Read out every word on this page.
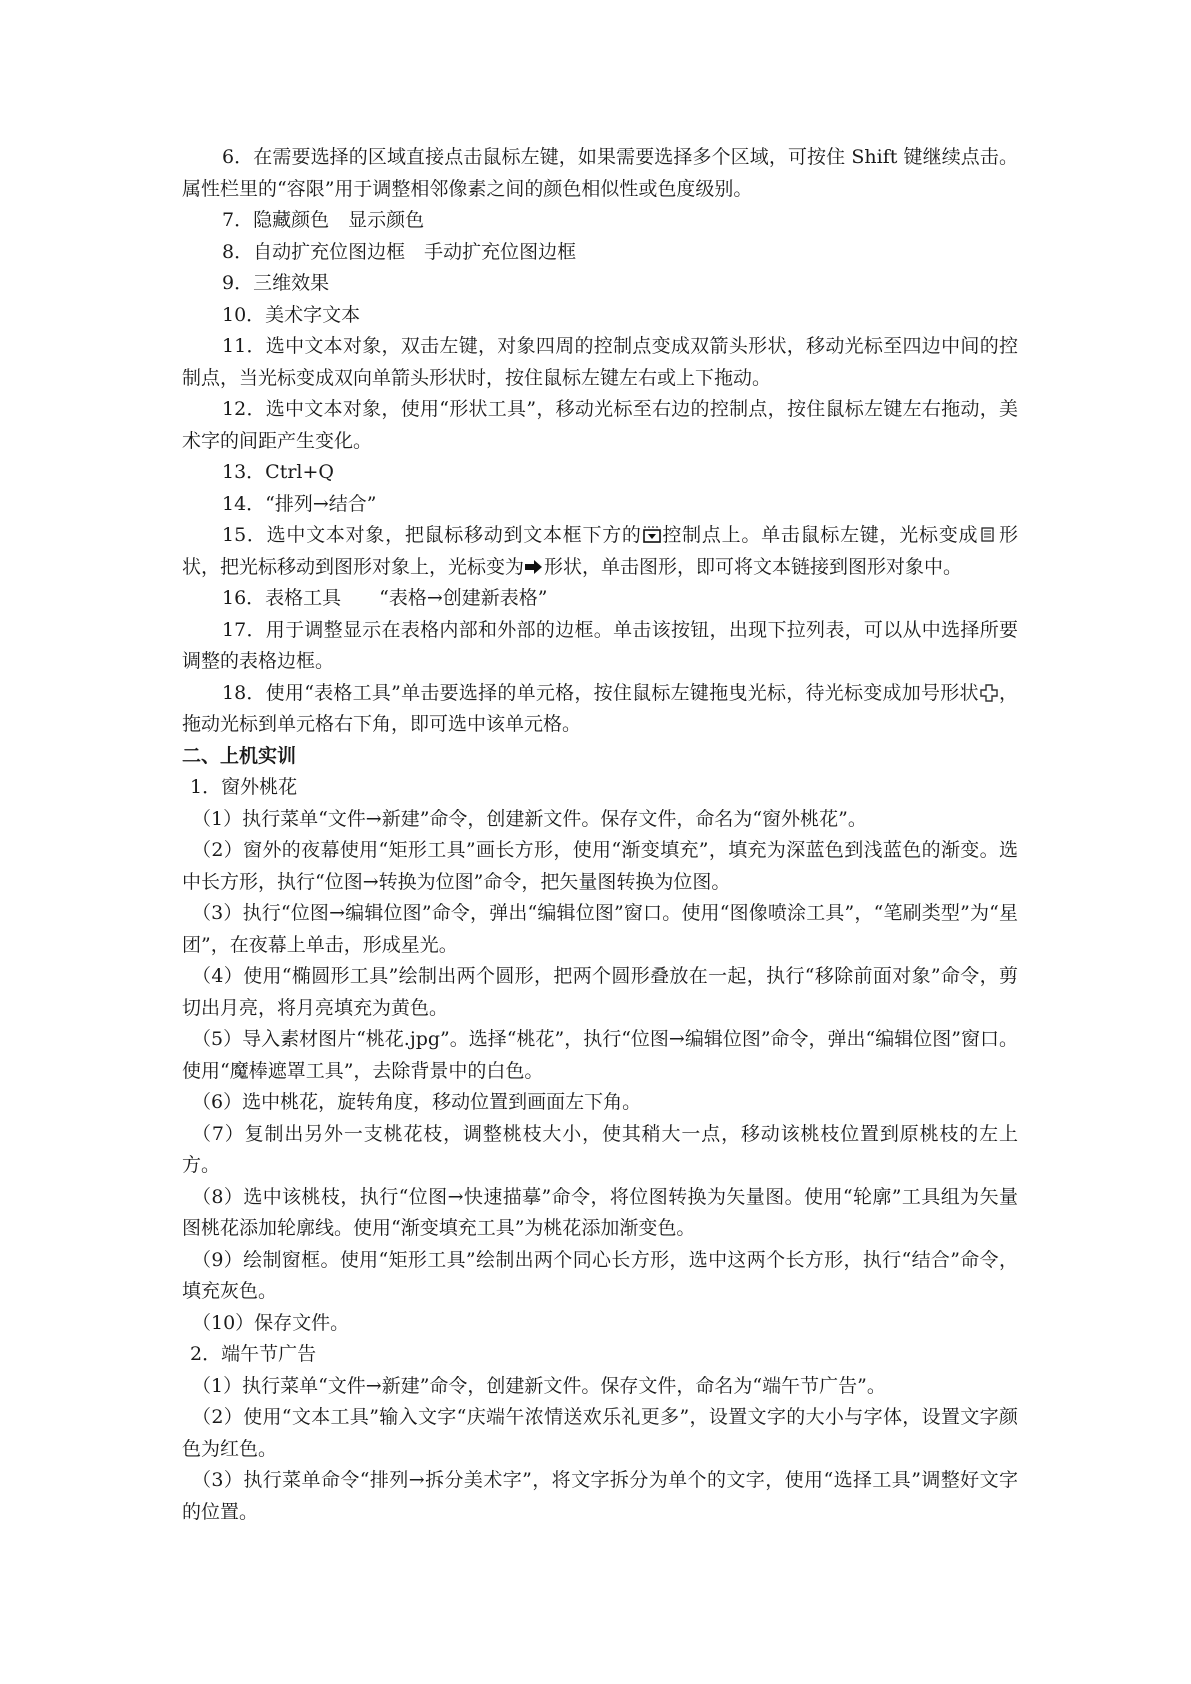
6．在需要选择的区域直接点击鼠标左键，如果需要选择多个区域，可按住 Shift 键继续点击。属性栏里的“容限”用于调整相邻像素之间的颜色相似性或色度级别。

7．隐藏颜色　显示颜色

8．自动扩充位图边框　手动扩充位图边框

9．三维效果

10．美术字文本

11．选中文本对象，双击左键，对象四周的控制点变成双箭头形状，移动光标至四边中间的控制点，当光标变成双向单箭头形状时，按住鼠标左键左右或上下拖动。

12．选中文本对象，使用“形状工具”，移动光标至右边的控制点，按住鼠标左键左右拖动，美术字的间距产生变化。

13．Ctrl+Q

14．“排列→结合”

15．选中文本对象，把鼠标移动到文本框下方的 控制点上。单击鼠标左键，光标变成 形状，把光标移动到图形对象上，光标变为 形状，单击图形，即可将文本链接到图形对象中。

16．表格工具　　“表格→创建新表格”

17．用于调整显示在表格内部和外部的边框。单击该按钮，出现下拉列表，可以从中选择所要调整的表格边框。

18．使用“表格工具”单击要选择的单元格，按住鼠标左键拖曳光标，待光标变成加号形状 ，拖动光标到单元格右下角，即可选中该单元格。

二、上机实训

1．窗外桃花

（1）执行菜单“文件→新建”命令，创建新文件。保存文件，命名为“窗外桃花”。

（2）窗外的夜幕使用“矩形工具”画长方形，使用“渐变填充”，填充为深蓝色到浅蓝色的渐变。选中长方形，执行“位图→转换为位图”命令，把矢量图转换为位图。

（3）执行“位图→编辑位图”命令，弹出“编辑位图”窗口。使用“图像喷涂工具”，“笔刷类型”为“星团”，在夜幕上单击，形成星光。

（4）使用“椭圆形工具”绘制出两个圆形，把两个圆形叠放在一起，执行“移除前面对象”命令，剪切出月亮，将月亮填充为黄色。

（5）导入素材图片“桃花.jpg”。选择“桃花”，执行“位图→编辑位图”命令，弹出“编辑位图”窗口。使用“魔棒遮罩工具”，去除背景中的白色。

（6）选中桃花，旋转角度，移动位置到画面左下角。

（7）复制出另外一支桃花枝，调整桃枝大小，使其稍大一点，移动该桃枝位置到原桃枝的左上方。

（8）选中该桃枝，执行“位图→快速描摹”命令，将位图转换为矢量图。使用“轮廓”工具组为矢量图桃花添加轮廓线。使用“渐变填充工具”为桃花添加渐变色。

（9）绘制窗框。使用“矩形工具”绘制出两个同心长方形，选中这两个长方形，执行“结合”命令，填充灰色。

（10）保存文件。

2．端午节广告

（1）执行菜单“文件→新建”命令，创建新文件。保存文件，命名为“端午节广告”。

（2）使用“文本工具”输入文字“庆端午浓情送欢乐礼更多”，设置文字的大小与字体，设置文字颜色为红色。

（3）执行菜单命令“排列→拆分美术字”，将文字拆分为单个的文字，使用“选择工具”调整好文字的位置。
